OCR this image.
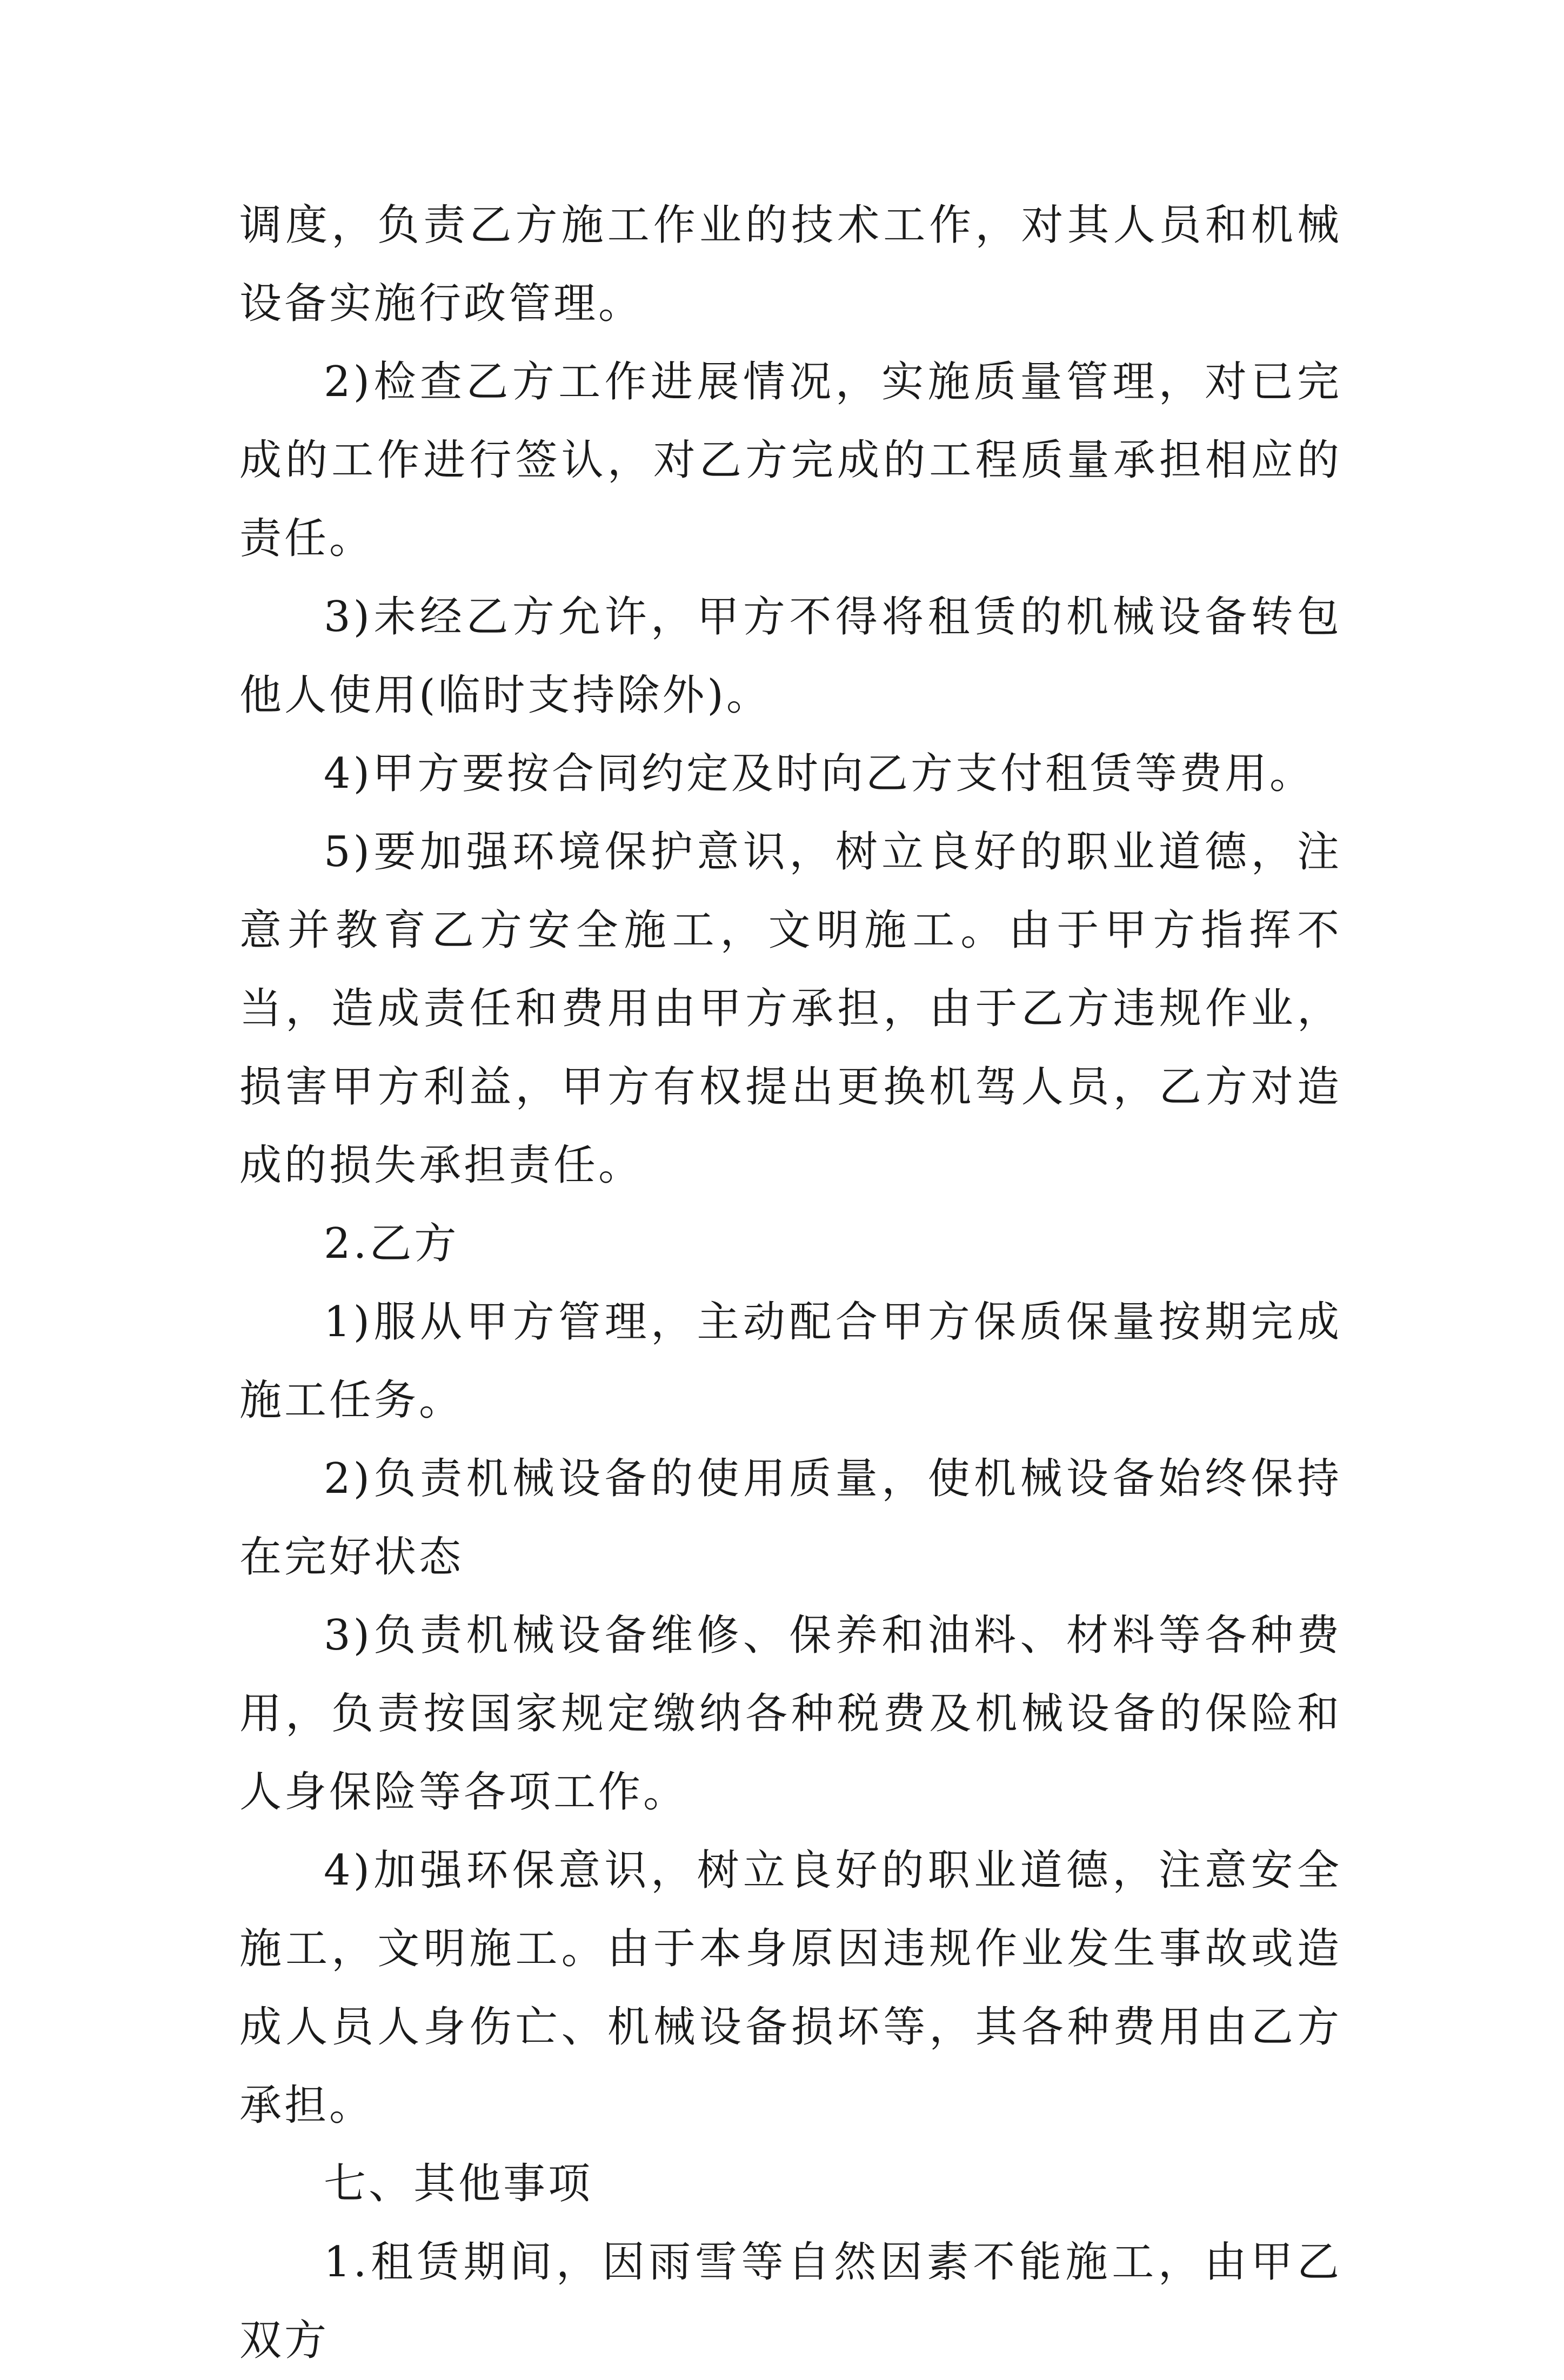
调度，负责乙方施工作业的技术工作，对其人员和机械设备实施行政管理。

2)检查乙方工作进展情况，实施质量管理，对已完成的工作进行签认，对乙方完成的工程质量承担相应的责任。

3)未经乙方允许，甲方不得将租赁的机械设备转包他人使用(临时支持除外)。

4)甲方要按合同约定及时向乙方支付租赁等费用。

5)要加强环境保护意识，树立良好的职业道德，注意并教育乙方安全施工，文明施工。由于甲方指挥不当，造成责任和费用由甲方承担，由于乙方违规作业，损害甲方利益，甲方有权提出更换机驾人员，乙方对造成的损失承担责任。

2.乙方

1)服从甲方管理，主动配合甲方保质保量按期完成施工任务。

2)负责机械设备的使用质量，使机械设备始终保持在完好状态

3)负责机械设备维修、保养和油料、材料等各种费用，负责按国家规定缴纳各种税费及机械设备的保险和人身保险等各项工作。

4)加强环保意识，树立良好的职业道德，注意安全施工，文明施工。由于本身原因违规作业发生事故或造成人员人身伤亡、机械设备损坏等，其各种费用由乙方承担。

七、其他事项

1.租赁期间，因雨雪等自然因素不能施工，由甲乙双方
